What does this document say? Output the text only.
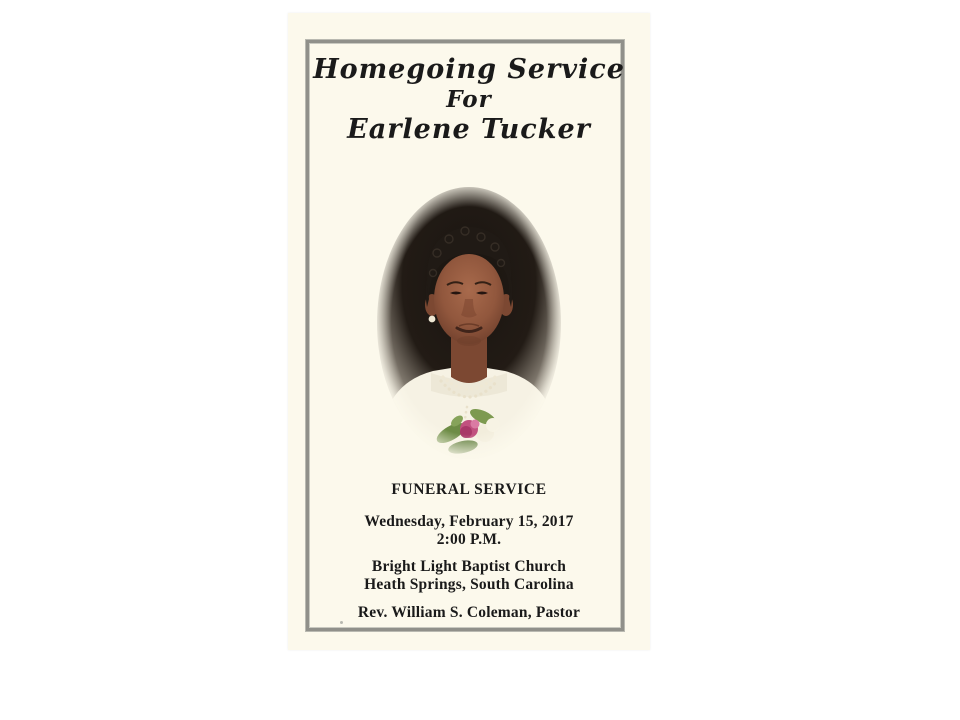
Homegoing Service
For
Earlene Tucker
FUNERAL SERVICE
Wednesday, February 15, 2017
2:00 P.M.
Bright Light Baptist Church
Heath Springs, South Carolina
Rev. William S. Coleman, Pastor
